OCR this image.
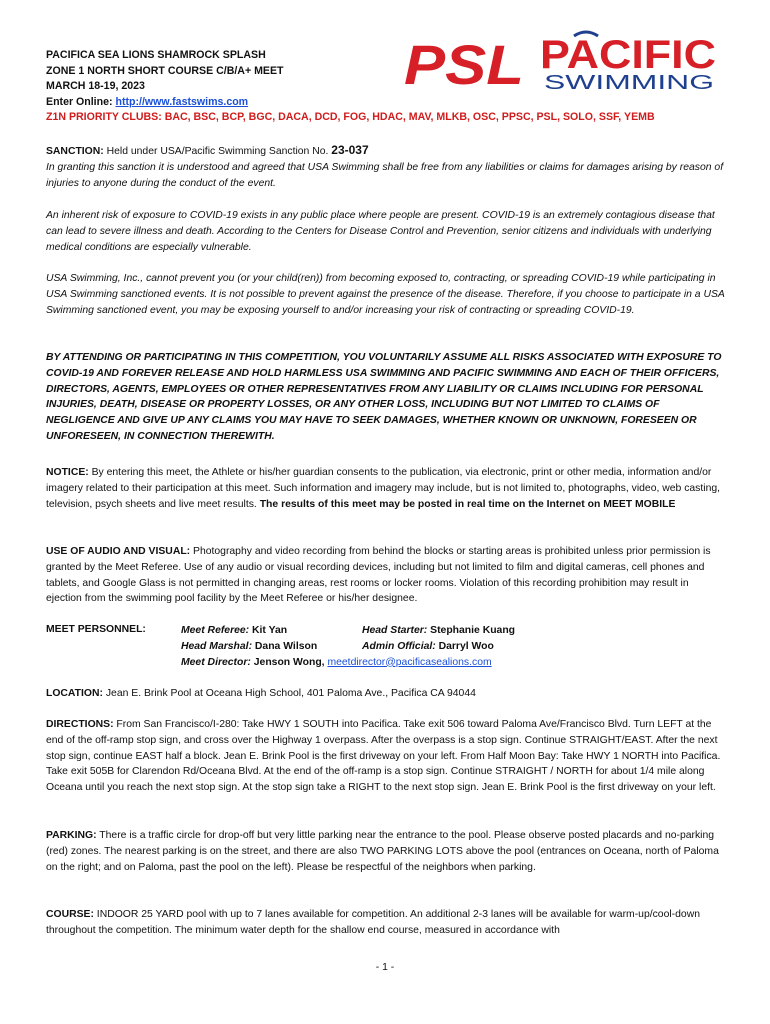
PACIFICA SEA LIONS SHAMROCK SPLASH
ZONE 1 NORTH SHORT COURSE C/B/A+ MEET
MARCH 18-19, 2023
Enter Online: http://www.fastswims.com
Z1N PRIORITY CLUBS: BAC, BSC, BCP, BGC, DACA, DCD, FOG, HDAC, MAV, MLKB, OSC, PPSC, PSL, SOLO, SSF, YEMB
PSL PACIFIC
SWIMMING
SANCTION: Held under USA/Pacific Swimming Sanction No. 23-037
In granting this sanction it is understood and agreed that USA Swimming shall be free from any liabilities or claims for damages arising by reason of injuries to anyone during the conduct of the event.
An inherent risk of exposure to COVID-19 exists in any public place where people are present. COVID-19 is an extremely contagious disease that can lead to severe illness and death. According to the Centers for Disease Control and Prevention, senior citizens and individuals with underlying medical conditions are especially vulnerable.
USA Swimming, Inc., cannot prevent you (or your child(ren)) from becoming exposed to, contracting, or spreading COVID-19 while participating in USA Swimming sanctioned events. It is not possible to prevent against the presence of the disease. Therefore, if you choose to participate in a USA Swimming sanctioned event, you may be exposing yourself to and/or increasing your risk of contracting or spreading COVID-19.
BY ATTENDING OR PARTICIPATING IN THIS COMPETITION, YOU VOLUNTARILY ASSUME ALL RISKS ASSOCIATED WITH EXPOSURE TO COVID-19 AND FOREVER RELEASE AND HOLD HARMLESS USA SWIMMING AND PACIFIC SWIMMING AND EACH OF THEIR OFFICERS, DIRECTORS, AGENTS, EMPLOYEES OR OTHER REPRESENTATIVES FROM ANY LIABILITY OR CLAIMS INCLUDING FOR PERSONAL INJURIES, DEATH, DISEASE OR PROPERTY LOSSES, OR ANY OTHER LOSS, INCLUDING BUT NOT LIMITED TO CLAIMS OF NEGLIGENCE AND GIVE UP ANY CLAIMS YOU MAY HAVE TO SEEK DAMAGES, WHETHER KNOWN OR UNKNOWN, FORESEEN OR UNFORESEEN, IN CONNECTION THEREWITH.
NOTICE: By entering this meet, the Athlete or his/her guardian consents to the publication, via electronic, print or other media, information and/or imagery related to their participation at this meet. Such information and imagery may include, but is not limited to, photographs, video, web casting, television, psych sheets and live meet results. The results of this meet may be posted in real time on the Internet on MEET MOBILE
USE OF AUDIO AND VISUAL: Photography and video recording from behind the blocks or starting areas is prohibited unless prior permission is granted by the Meet Referee. Use of any audio or visual recording devices, including but not limited to film and digital cameras, cell phones and tablets, and Google Glass is not permitted in changing areas, rest rooms or locker rooms. Violation of this recording prohibition may result in ejection from the swimming pool facility by the Meet Referee or his/her designee.
MEET PERSONNEL:	Meet Referee: Kit Yan
Head Marshal: Dana Wilson
Meet Director: Jenson Wong, meetdirector@pacificasealions.com
Head Starter: Stephanie Kuang
Admin Official: Darryl Woo
LOCATION: Jean E. Brink Pool at Oceana High School, 401 Paloma Ave., Pacifica CA 94044
DIRECTIONS: From San Francisco/I-280: Take HWY 1 SOUTH into Pacifica. Take exit 506 toward Paloma Ave/Francisco Blvd. Turn LEFT at the end of the off-ramp stop sign, and cross over the Highway 1 overpass. After the overpass is a stop sign. Continue STRAIGHT/EAST. After the next stop sign, continue EAST half a block. Jean E. Brink Pool is the first driveway on your left. From Half Moon Bay: Take HWY 1 NORTH into Pacifica. Take exit 505B for Clarendon Rd/Oceana Blvd. At the end of the off-ramp is a stop sign. Continue STRAIGHT / NORTH for about 1/4 mile along Oceana until you reach the next stop sign. At the stop sign take a RIGHT to the next stop sign. Jean E. Brink Pool is the first driveway on your left.
PARKING: There is a traffic circle for drop-off but very little parking near the entrance to the pool. Please observe posted placards and no-parking (red) zones. The nearest parking is on the street, and there are also TWO PARKING LOTS above the pool (entrances on Oceana, north of Paloma on the right; and on Paloma, past the pool on the left). Please be respectful of the neighbors when parking.
COURSE: INDOOR 25 YARD pool with up to 7 lanes available for competition. An additional 2-3 lanes will be available for warm-up/cool-down throughout the competition. The minimum water depth for the shallow end course, measured in accordance with
- 1 -
